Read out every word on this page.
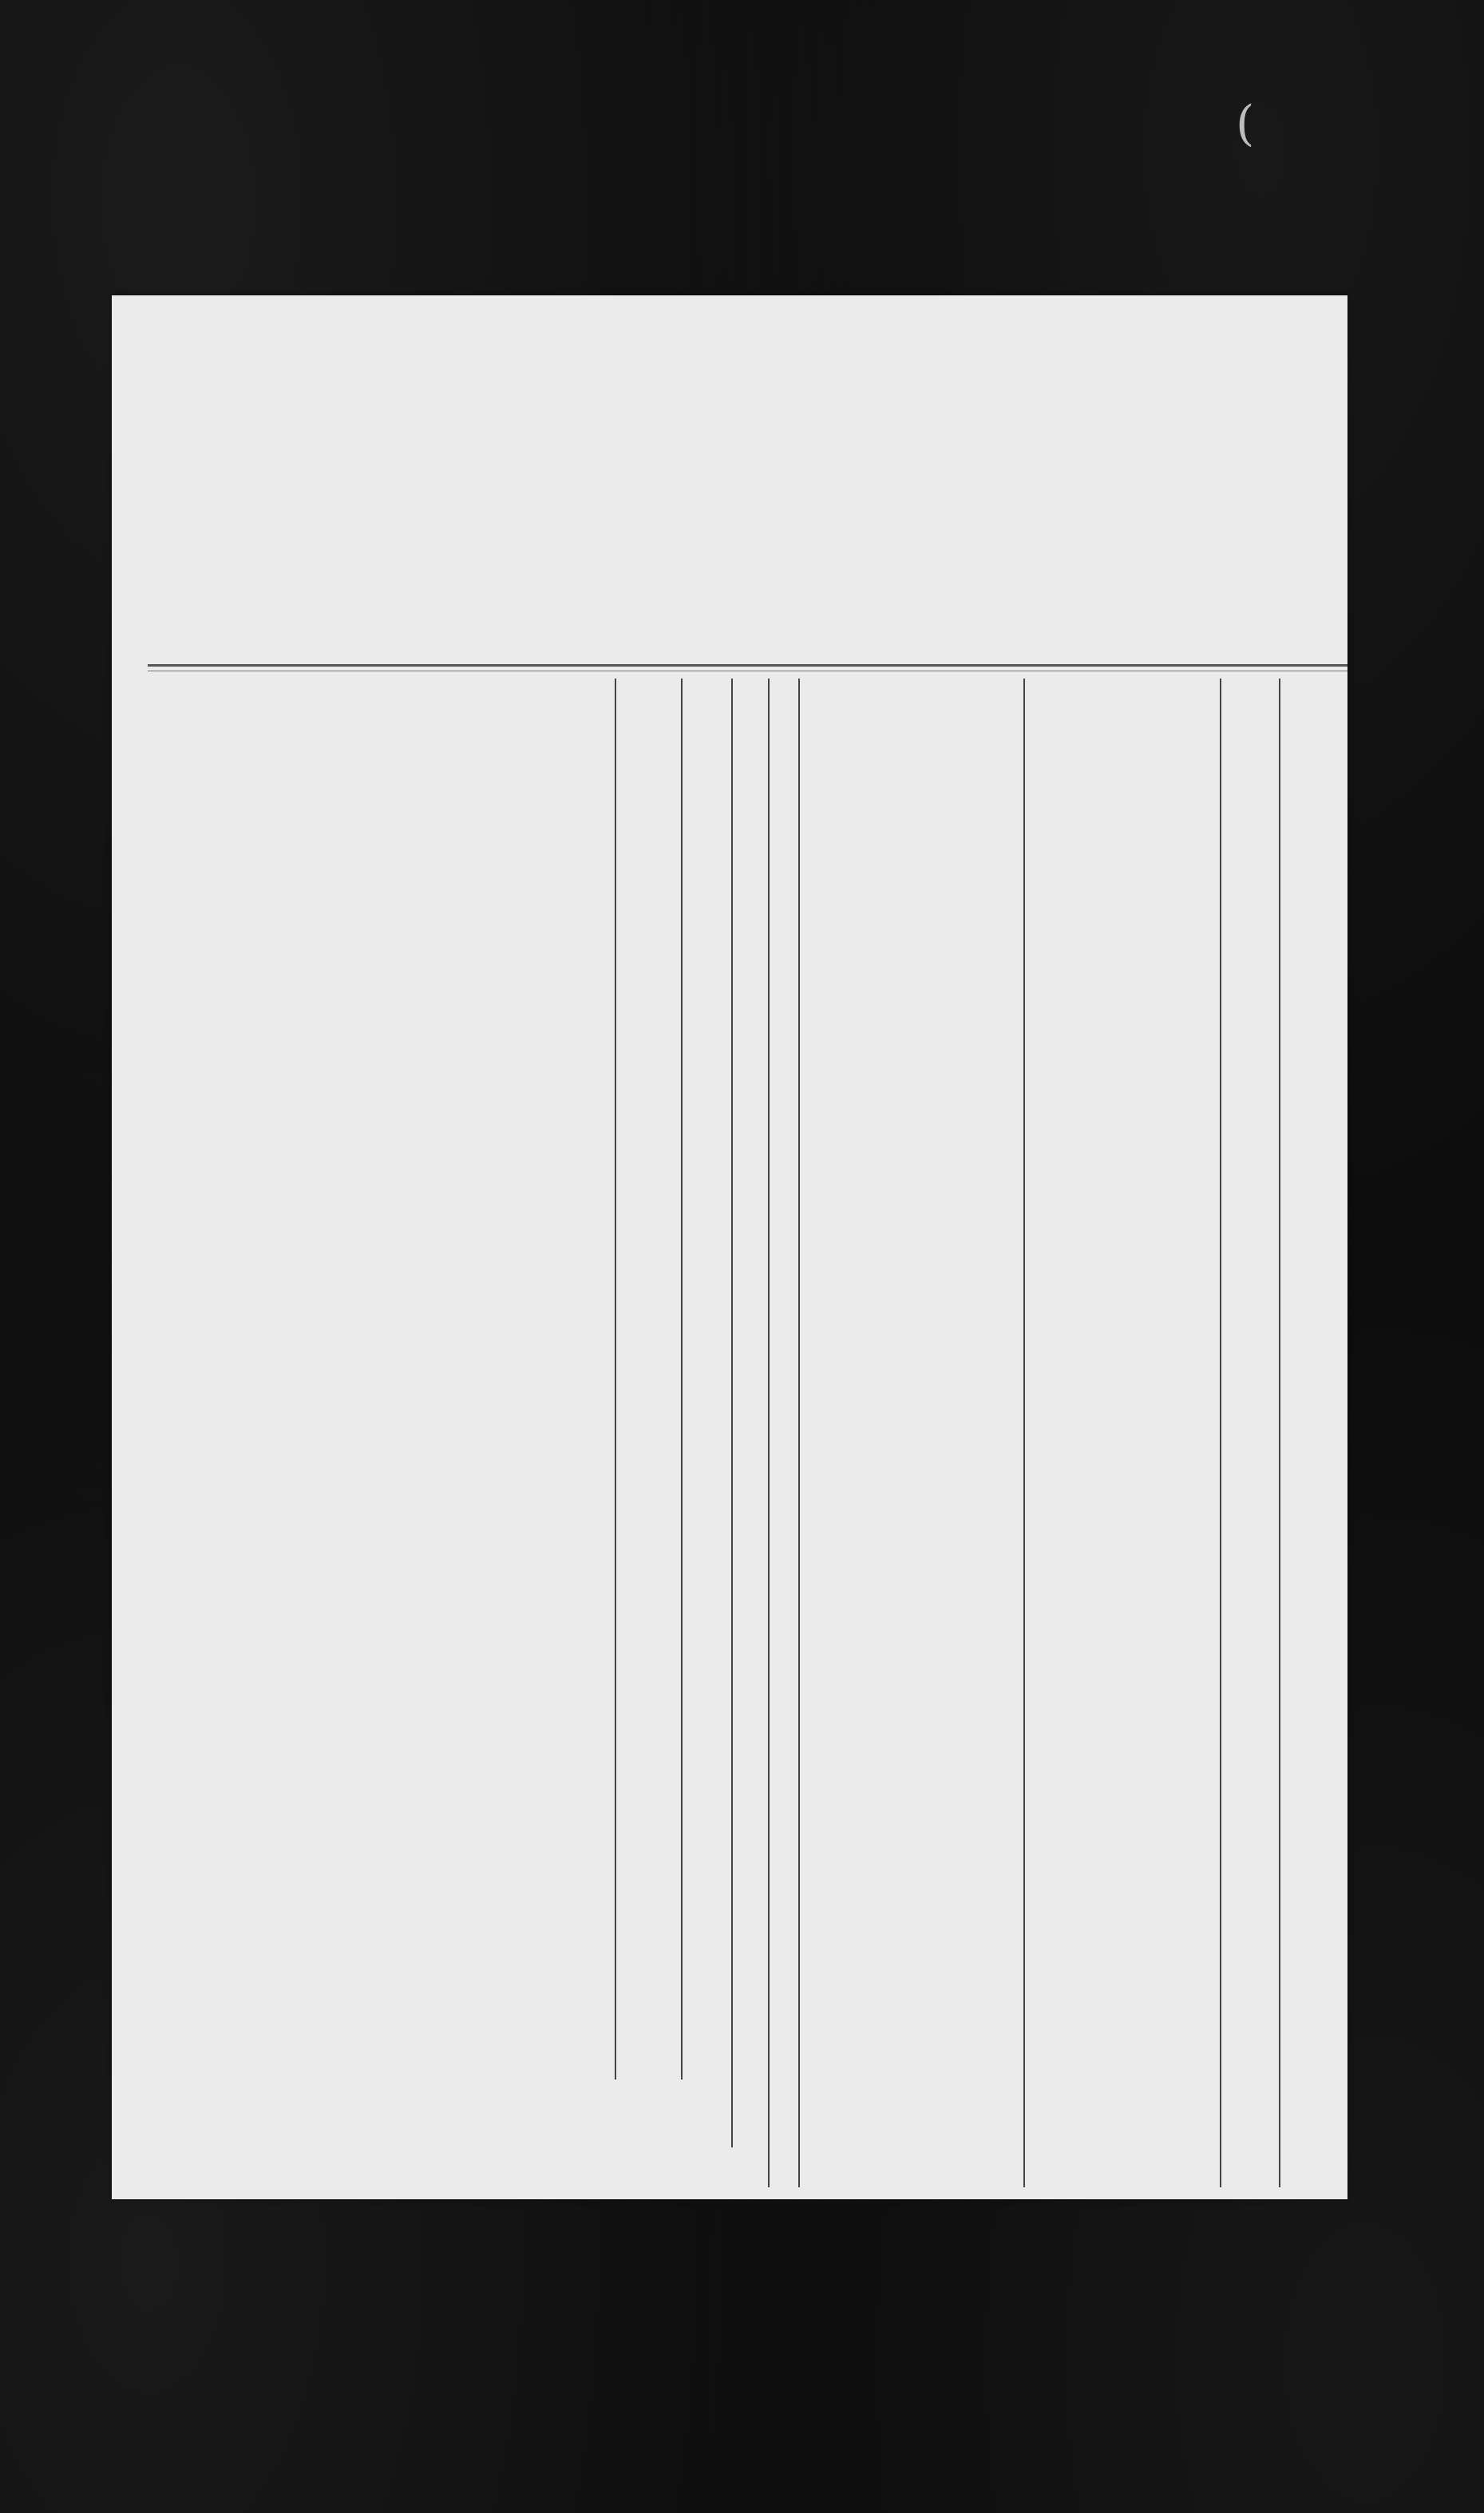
(
